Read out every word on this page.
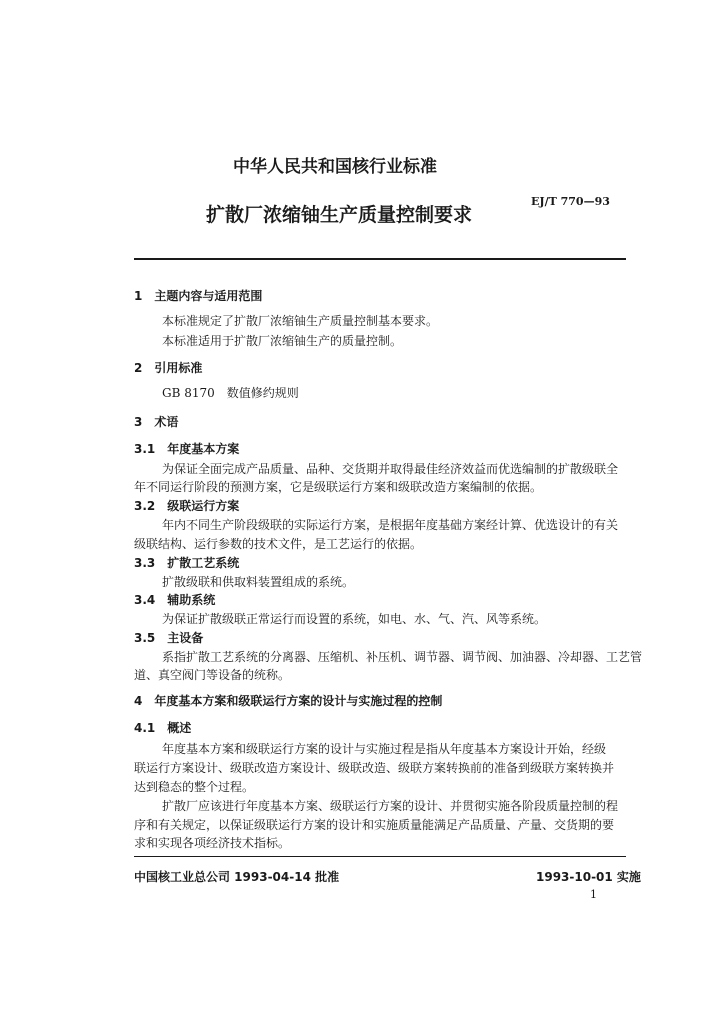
中华人民共和国核行业标准
扩散厂浓缩铀生产质量控制要求
EJ/T 770—93
1　主题内容与适用范围
本标准规定了扩散厂浓缩铀生产质量控制基本要求。
本标准适用于扩散厂浓缩铀生产的质量控制。
2　引用标准
GB 8170　数值修约规则
3　术语
3.1　年度基本方案
为保证全面完成产品质量、品种、交货期并取得最佳经济效益而优选编制的扩散级联全
年不同运行阶段的预测方案，它是级联运行方案和级联改造方案编制的依据。
3.2　级联运行方案
年内不同生产阶段级联的实际运行方案，是根据年度基础方案经计算、优选设计的有关
级联结构、运行参数的技术文件，是工艺运行的依据。
3.3　扩散工艺系统
扩散级联和供取料装置组成的系统。
3.4　辅助系统
为保证扩散级联正常运行而设置的系统，如电、水、气、汽、风等系统。
3.5　主设备
系指扩散工艺系统的分离器、压缩机、补压机、调节器、调节阀、加油器、冷却器、工艺管
道、真空阀门等设备的统称。
4　年度基本方案和级联运行方案的设计与实施过程的控制
4.1　概述
年度基本方案和级联运行方案的设计与实施过程是指从年度基本方案设计开始，经级
联运行方案设计、级联改造方案设计、级联改造、级联方案转换前的准备到级联方案转换并
达到稳态的整个过程。
扩散厂应该进行年度基本方案、级联运行方案的设计、并贯彻实施各阶段质量控制的程
序和有关规定，以保证级联运行方案的设计和实施质量能满足产品质量、产量、交货期的要
求和实现各项经济技术指标。
中国核工业总公司 1993-04-14 批准	1993-10-01 实施
1
